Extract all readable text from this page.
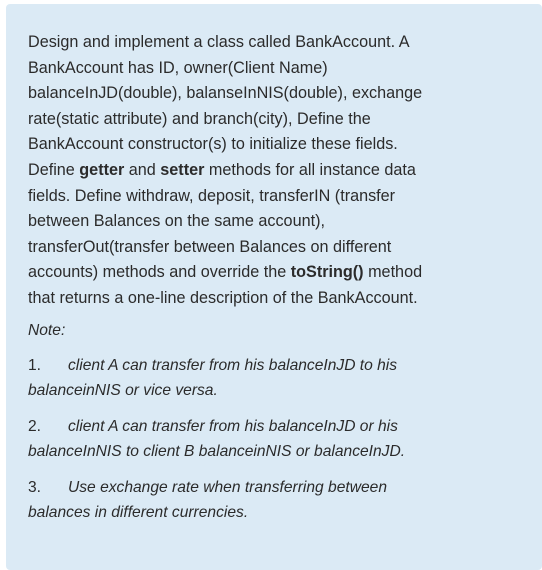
Design and implement a class called BankAccount. A
BankAccount has ID, owner(Client Name)
balanceInJD(double), balanseInNIS(double), exchange
rate(static attribute) and branch(city), Define the
BankAccount constructor(s) to initialize these fields.
Define getter and setter methods for all instance data
fields. Define withdraw, deposit, transferIN (transfer
between Balances on the same account),
transferOut(transfer between Balances on different
accounts) methods and override the toString() method
that returns a one-line description of the BankAccount.
Note:
1. client A can transfer from his balanceInJD to his
balanceinNIS or vice versa.
2. client A can transfer from his balanceInJD or his
balanceInNIS to client B balanceinNIS or balanceInJD.
3. Use exchange rate when transferring between
balances in different currencies.
